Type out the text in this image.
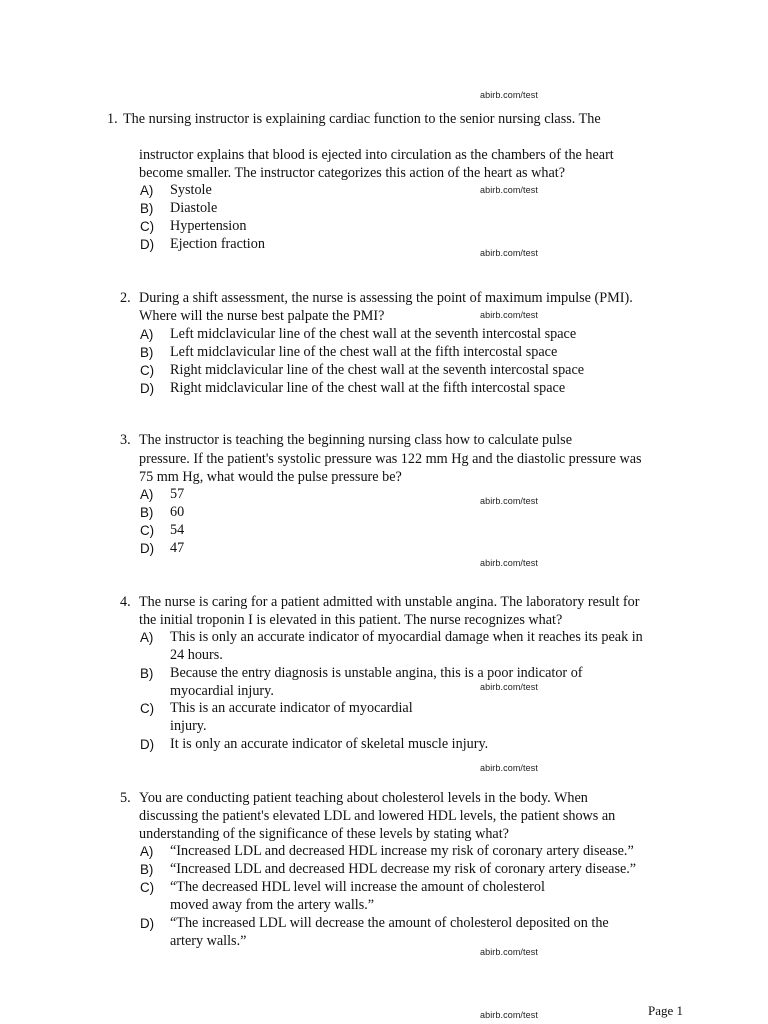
abirb.com/test
abirb.com/test
abirb.com/test
abirb.com/test
abirb.com/test
abirb.com/test
abirb.com/test
abirb.com/test
abirb.com/test
abirb.com/test
1. The nursing instructor is explaining cardiac function to the senior nursing class. The
instructor explains that blood is ejected into circulation as the chambers of the heart
become smaller. The instructor categorizes this action of the heart as what?
A) Systole
B) Diastole
C) Hypertension
D) Ejection fraction
2. During a shift assessment, the nurse is assessing the point of maximum impulse (PMI).
Where will the nurse best palpate the PMI?
A) Left midclavicular line of the chest wall at the seventh intercostal space
B) Left midclavicular line of the chest wall at the fifth intercostal space
C) Right midclavicular line of the chest wall at the seventh intercostal space
D) Right midclavicular line of the chest wall at the fifth intercostal space
3. The instructor is teaching the beginning nursing class how to calculate pulse
pressure. If the patient's systolic pressure was 122 mm Hg and the diastolic pressure was
75 mm Hg, what would the pulse pressure be?
A) 57
B) 60
C) 54
D) 47
4. The nurse is caring for a patient admitted with unstable angina. The laboratory result for
the initial troponin I is elevated in this patient. The nurse recognizes what?
A) This is only an accurate indicator of myocardial damage when it reaches its peak in
24 hours.
B) Because the entry diagnosis is unstable angina, this is a poor indicator of
myocardial injury.
C) This is an accurate indicator of myocardial
injury.
D) It is only an accurate indicator of skeletal muscle injury.
5. You are conducting patient teaching about cholesterol levels in the body. When
discussing the patient's elevated LDL and lowered HDL levels, the patient shows an
understanding of the significance of these levels by stating what?
A) “Increased LDL and decreased HDL increase my risk of coronary artery disease.”
B) “Increased LDL and decreased HDL decrease my risk of coronary artery disease.”
C) “The decreased HDL level will increase the amount of cholesterol
moved away from the artery walls.”
D) “The increased LDL will decrease the amount of cholesterol deposited on the
artery walls.”
Page 1
